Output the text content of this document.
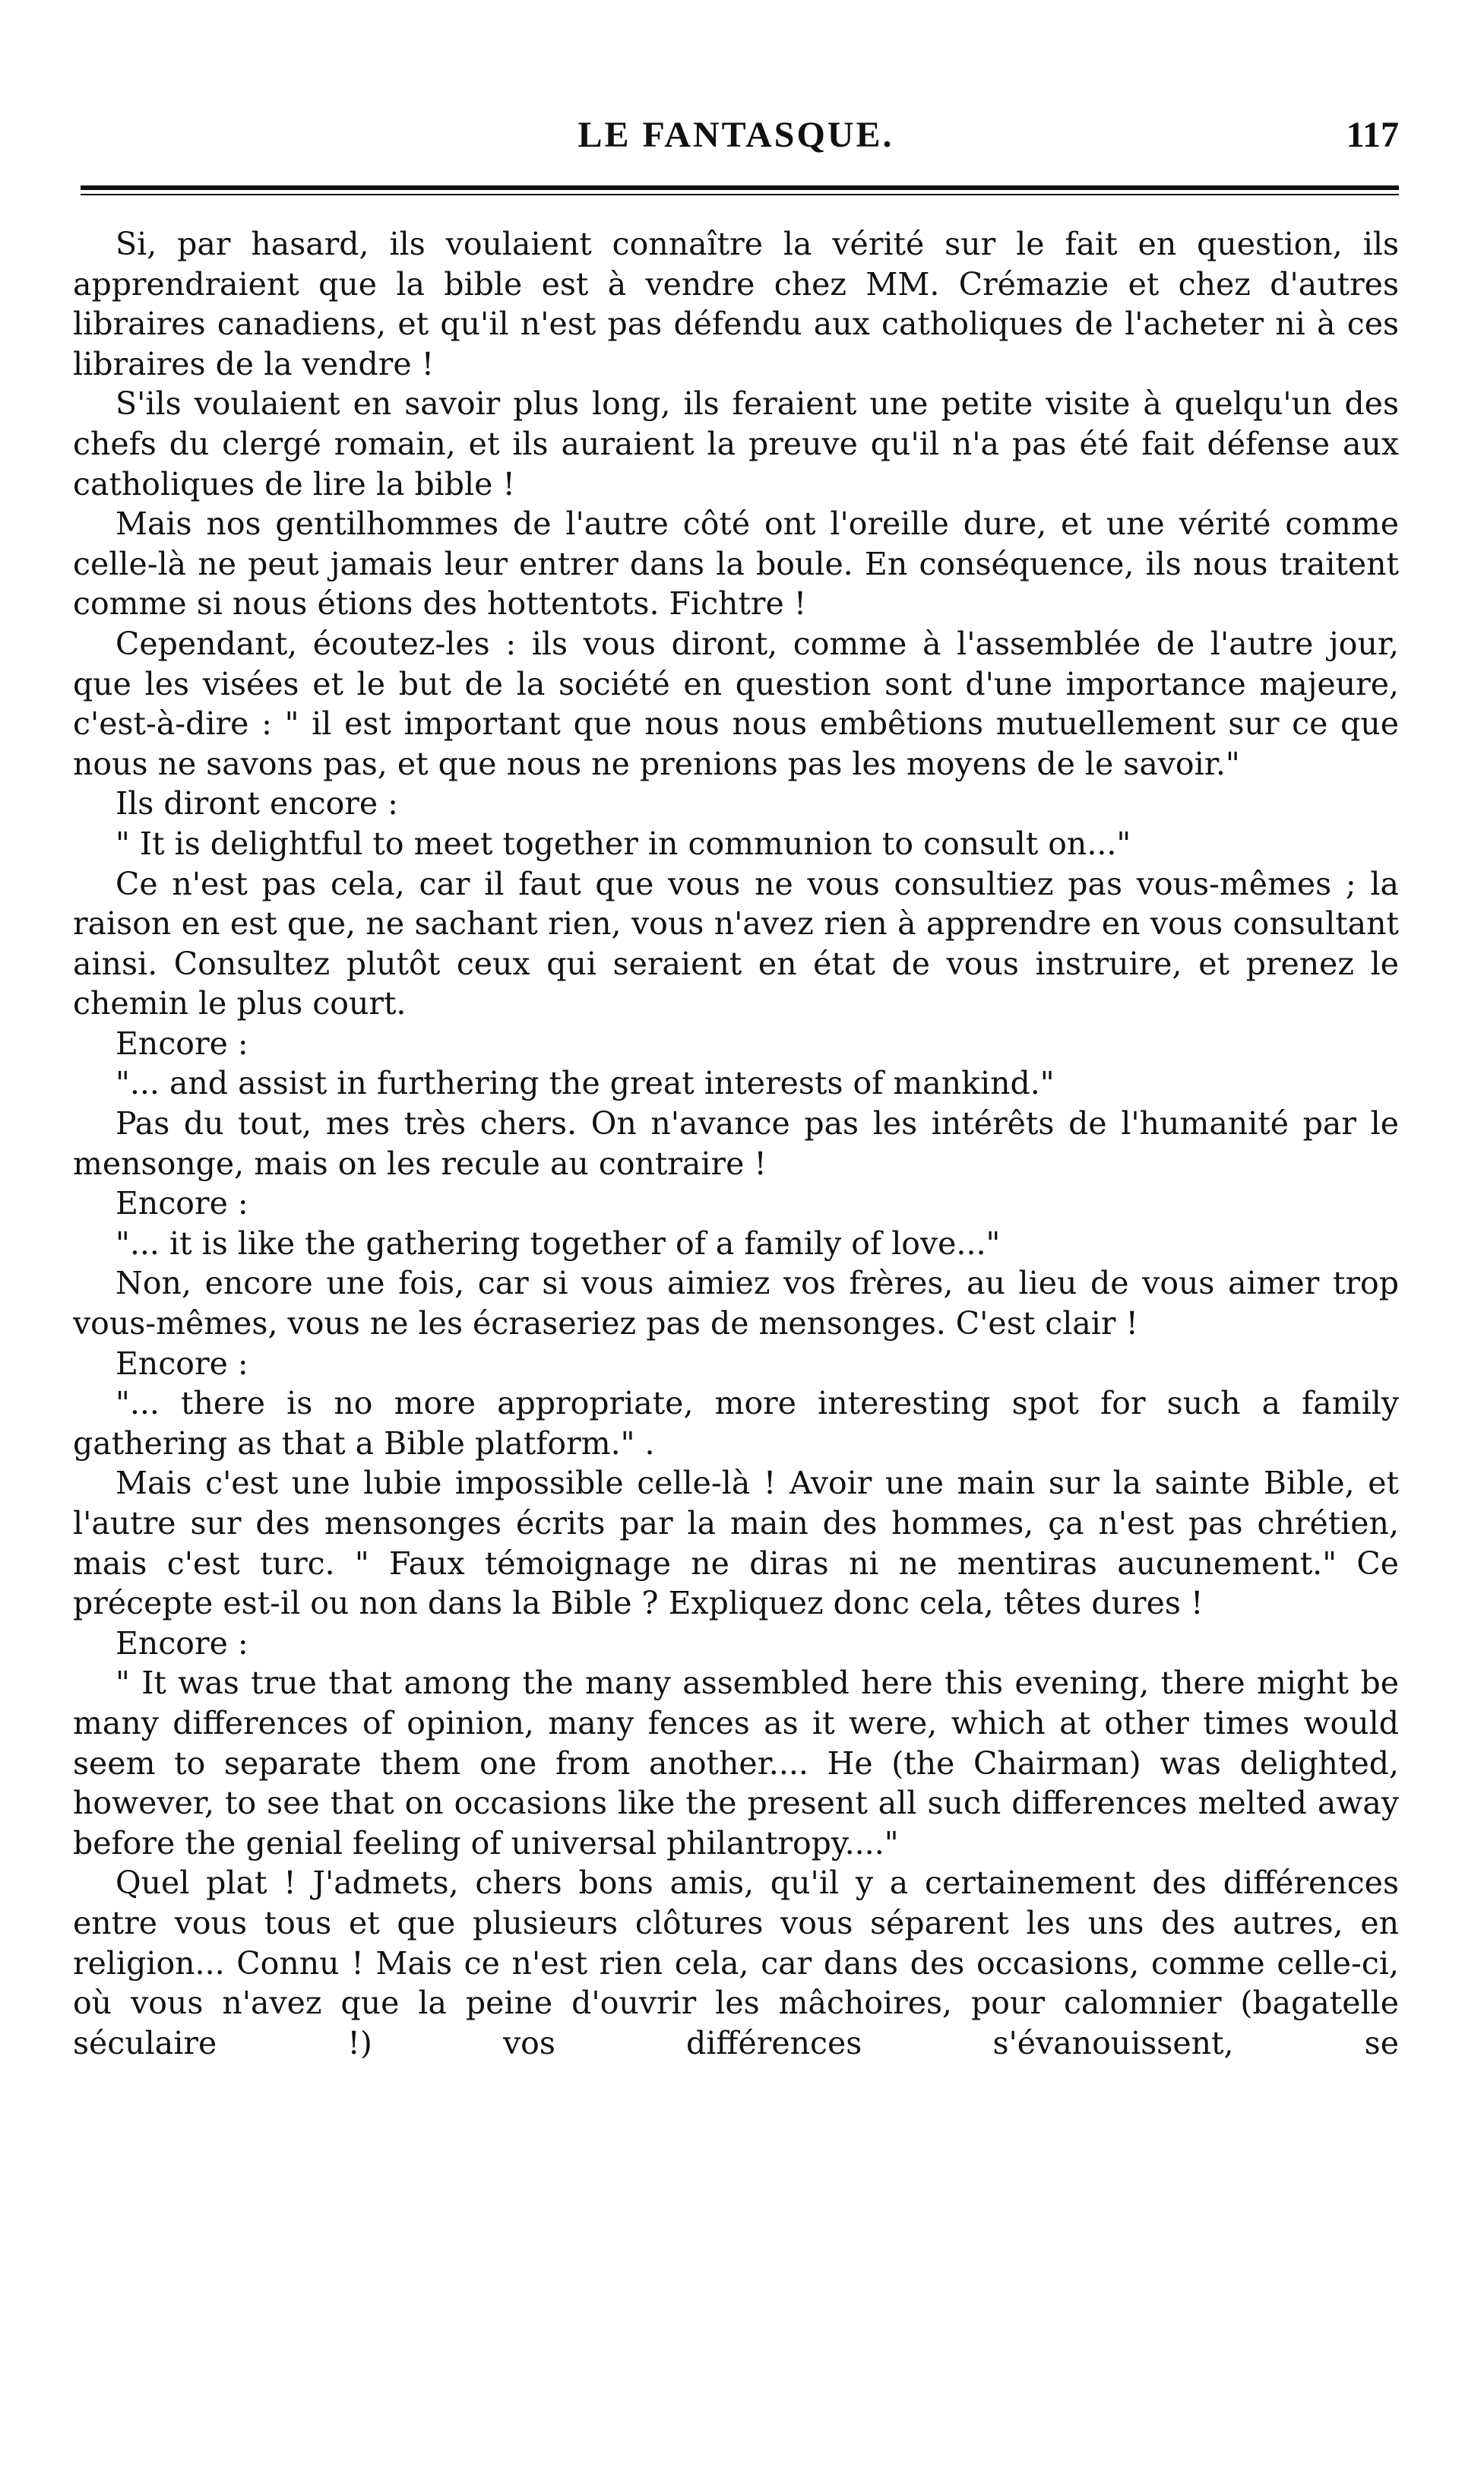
LE FANTASQUE.	117

Si, par hasard, ils voulaient connaître la vérité sur le fait en question, ils apprendraient que la bible est à vendre chez MM. Crémazie et chez d'autres libraires canadiens, et qu'il n'est pas défendu aux catholiques de l'acheter ni à ces libraires de la vendre !

S'ils voulaient en savoir plus long, ils feraient une petite visite à quelqu'un des chefs du clergé romain, et ils auraient la preuve qu'il n'a pas été fait défense aux catholiques de lire la bible !

Mais nos gentilhommes de l'autre côté ont l'oreille dure, et une vérité comme celle-là ne peut jamais leur entrer dans la boule. En conséquence, ils nous traitent comme si nous étions des hottentots. Fichtre !

Cependant, écoutez-les : ils vous diront, comme à l'assemblée de l'autre jour, que les visées et le but de la société en question sont d'une importance majeure, c'est-à-dire : " il est important que nous nous embêtions mutuellement sur ce que nous ne savons pas, et que nous ne prenions pas les moyens de le savoir."

Ils diront encore :

" It is delightful to meet together in communion to consult on..."

Ce n'est pas cela, car il faut que vous ne vous consultiez pas vous-mêmes ; la raison en est que, ne sachant rien, vous n'avez rien à apprendre en vous consultant ainsi. Consultez plutôt ceux qui seraient en état de vous instruire, et prenez le chemin le plus court.

Encore :

"... and assist in furthering the great interests of mankind."

Pas du tout, mes très chers. On n'avance pas les intérêts de l'humanité par le mensonge, mais on les recule au contraire !

Encore :

"... it is like the gathering together of a family of love..."

Non, encore une fois, car si vous aimiez vos frères, au lieu de vous aimer trop vous-mêmes, vous ne les écraseriez pas de mensonges. C'est clair !

Encore :

"... there is no more appropriate, more interesting spot for such a family gathering as that a Bible platform." .

Mais c'est une lubie impossible celle-là ! Avoir une main sur la sainte Bible, et l'autre sur des mensonges écrits par la main des hommes, ça n'est pas chrétien, mais c'est turc. " Faux témoignage ne diras ni ne mentiras aucunement." Ce précepte est-il ou non dans la Bible ? Expliquez donc cela, têtes dures !

Encore :

" It was true that among the many assembled here this evening, there might be many differences of opinion, many fences as it were, which at other times would seem to separate them one from another.... He (the Chairman) was delighted, however, to see that on occasions like the present all such differences melted away before the genial feeling of universal philantropy...."

Quel plat ! J'admets, chers bons amis, qu'il y a certainement des différences entre vous tous et que plusieurs clôtures vous séparent les uns des autres, en religion... Connu ! Mais ce n'est rien cela, car dans des occasions, comme celle-ci, où vous n'avez que la peine d'ouvrir les mâchoires, pour calomnier (bagatelle séculaire !) vos différences s'évanouissent, se
